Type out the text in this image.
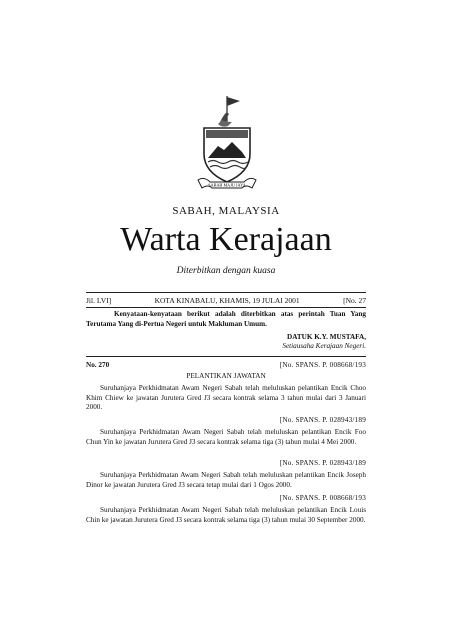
SABAH MAJU JAYA
SABAH, MALAYSIA
Warta Kerajaan
Diterbitkan dengan kuasa
Jil. LVI]	KOTA KINABALU, KHAMIS, 19 JULAI 2001	[No. 27
Kenyataan-kenyataan berikut adalah diterbitkan atas perintah Tuan Yang Terutama Yang di-Pertua Negeri untuk Makluman Umum.
DATUK K.Y. MUSTAFA,
Setiausaha Kerajaan Negeri.
No. 270	[No. SPANS. P. 008668/193
PELANTIKAN JAWATAN
Suruhanjaya Perkhidmatan Awam Negeri Sabah telah meluluskan pelantikan Encik Choo Khim Chiew ke jawatan Jurutera Gred J3 secara kontrak selama 3 tahun mulai dari 3 Januari 2000.
[No. SPANS. P. 028943/189
Suruhanjaya Perkhidmatan Awam Negeri Sabah telah meluluskan pelantikan Encik Foo Chun Yin ke jawatan Jurutera Gred J3 secara kontrak selama tiga (3) tahun mulai 4 Mei 2000.
[No. SPANS. P. 028943/189
Suruhanjaya Perkhidmatan Awam Negeri Sabah telah meluluskan pelantikan Encik Joseph Dinor ke jawatan Jurutera Gred J3 secara tetap mulai dari 1 Ogos 2000.
[No. SPANS. P. 008668/193
Suruhanjaya Perkhidmatan Awam Negeri Sabah telah meluluskan pelantikan Encik Louis Chin ke jawatan Jurutera Gred J3 secara kontrak selama tiga (3) tahun mulai 30 September 2000.
